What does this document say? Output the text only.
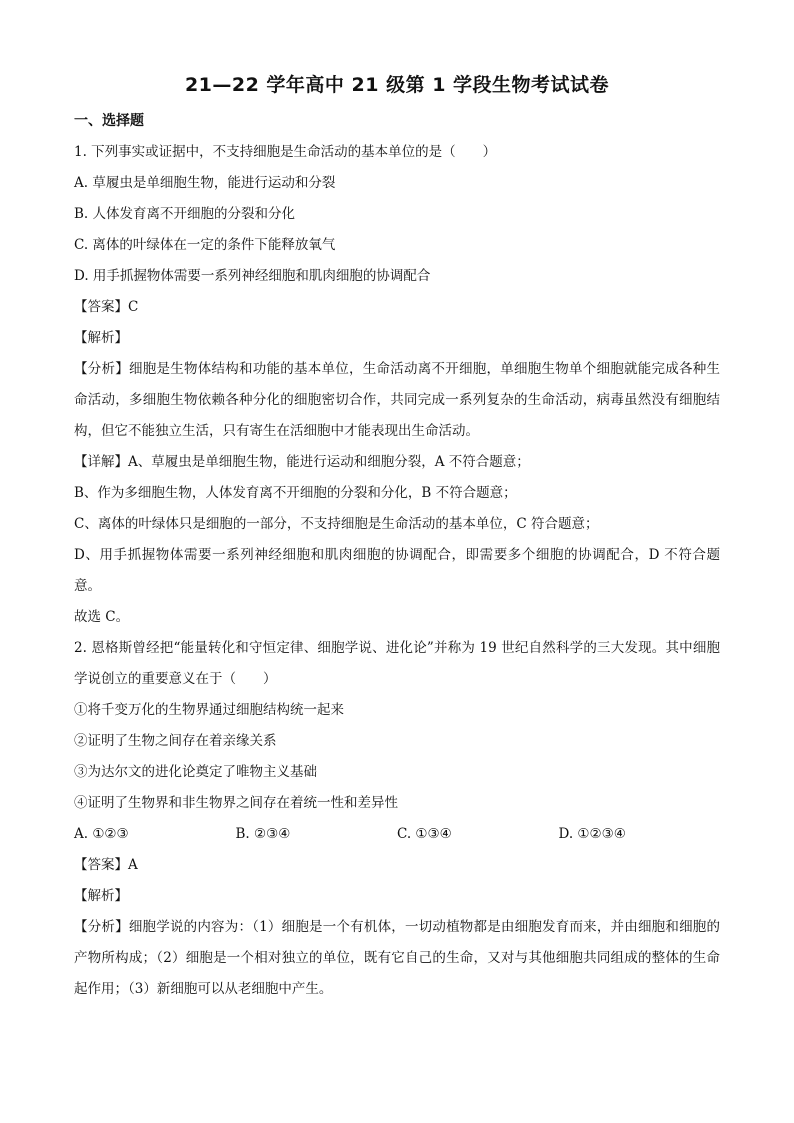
21—22 学年高中 21 级第 1 学段生物考试试卷

一、选择题

1. 下列事实或证据中，不支持细胞是生命活动的基本单位的是（　　）

A. 草履虫是单细胞生物，能进行运动和分裂

B. 人体发育离不开细胞的分裂和分化

C. 离体的叶绿体在一定的条件下能释放氧气

D. 用手抓握物体需要一系列神经细胞和肌肉细胞的协调配合

【答案】C

【解析】

【分析】细胞是生物体结构和功能的基本单位，生命活动离不开细胞，单细胞生物单个细胞就能完成各种生命活动，多细胞生物依赖各种分化的细胞密切合作，共同完成一系列复杂的生命活动，病毒虽然没有细胞结构，但它不能独立生活，只有寄生在活细胞中才能表现出生命活动。

【详解】A、草履虫是单细胞生物，能进行运动和细胞分裂，A 不符合题意；

B、作为多细胞生物，人体发育离不开细胞的分裂和分化，B 不符合题意；

C、离体的叶绿体只是细胞的一部分，不支持细胞是生命活动的基本单位，C 符合题意；

D、用手抓握物体需要一系列神经细胞和肌肉细胞的协调配合，即需要多个细胞的协调配合，D 不符合题意。

故选 C。

2. 恩格斯曾经把“能量转化和守恒定律、细胞学说、进化论”并称为 19 世纪自然科学的三大发现。其中细胞学说创立的重要意义在于（　　）

①将千变万化的生物界通过细胞结构统一起来

②证明了生物之间存在着亲缘关系

③为达尔文的进化论奠定了唯物主义基础

④证明了生物界和非生物界之间存在着统一性和差异性

A. ①②③	B. ②③④	C. ①③④	D. ①②③④

【答案】A

【解析】

【分析】细胞学说的内容为：（1）细胞是一个有机体，一切动植物都是由细胞发育而来，并由细胞和细胞的产物所构成；（2）细胞是一个相对独立的单位，既有它自己的生命，又对与其他细胞共同组成的整体的生命起作用；（3）新细胞可以从老细胞中产生。
